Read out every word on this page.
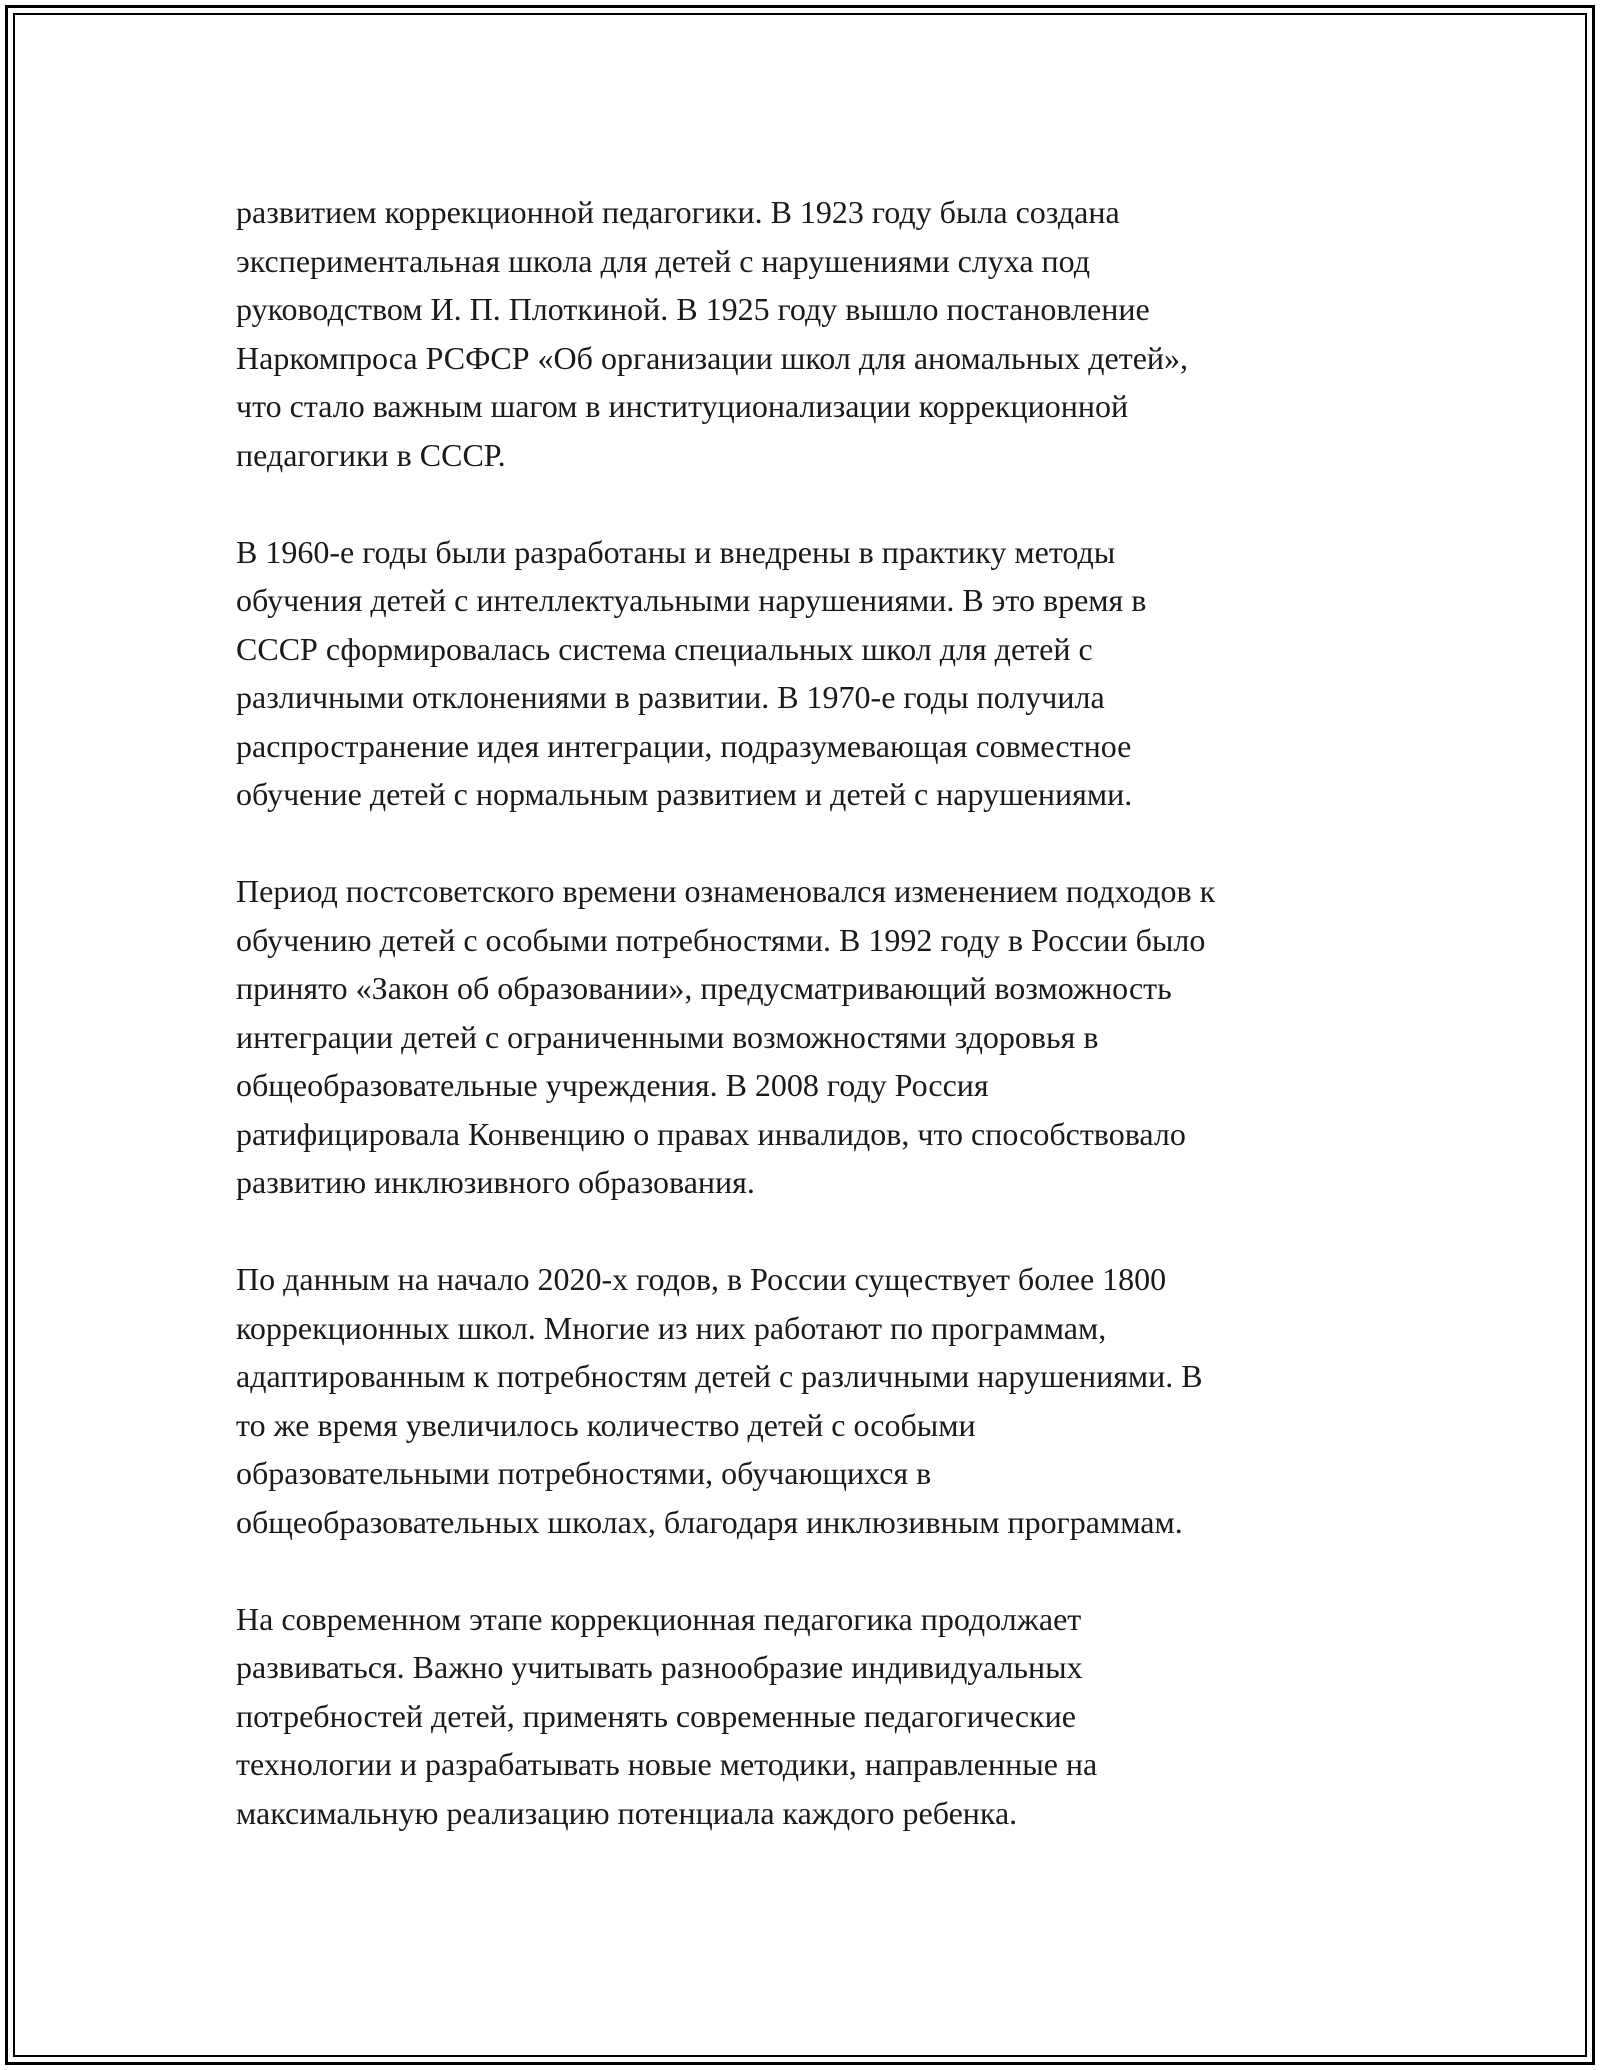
развитием коррекционной педагогики. В 1923 году была создана
экспериментальная школа для детей с нарушениями слуха под
руководством И. П. Плоткиной. В 1925 году вышло постановление
Наркомпроса РСФСР «Об организации школ для аномальных детей»,
что стало важным шагом в институционализации коррекционной
педагогики в СССР.

В 1960-е годы были разработаны и внедрены в практику методы
обучения детей с интеллектуальными нарушениями. В это время в
СССР сформировалась система специальных школ для детей с
различными отклонениями в развитии. В 1970-е годы получила
распространение идея интеграции, подразумевающая совместное
обучение детей с нормальным развитием и детей с нарушениями.

Период постсоветского времени ознаменовался изменением подходов к
обучению детей с особыми потребностями. В 1992 году в России было
принято «Закон об образовании», предусматривающий возможность
интеграции детей с ограниченными возможностями здоровья в
общеобразовательные учреждения. В 2008 году Россия
ратифицировала Конвенцию о правах инвалидов, что способствовало
развитию инклюзивного образования.

По данным на начало 2020-х годов, в России существует более 1800
коррекционных школ. Многие из них работают по программам,
адаптированным к потребностям детей с различными нарушениями. В
то же время увеличилось количество детей с особыми
образовательными потребностями, обучающихся в
общеобразовательных школах, благодаря инклюзивным программам.

На современном этапе коррекционная педагогика продолжает
развиваться. Важно учитывать разнообразие индивидуальных
потребностей детей, применять современные педагогические
технологии и разрабатывать новые методики, направленные на
максимальную реализацию потенциала каждого ребенка.
